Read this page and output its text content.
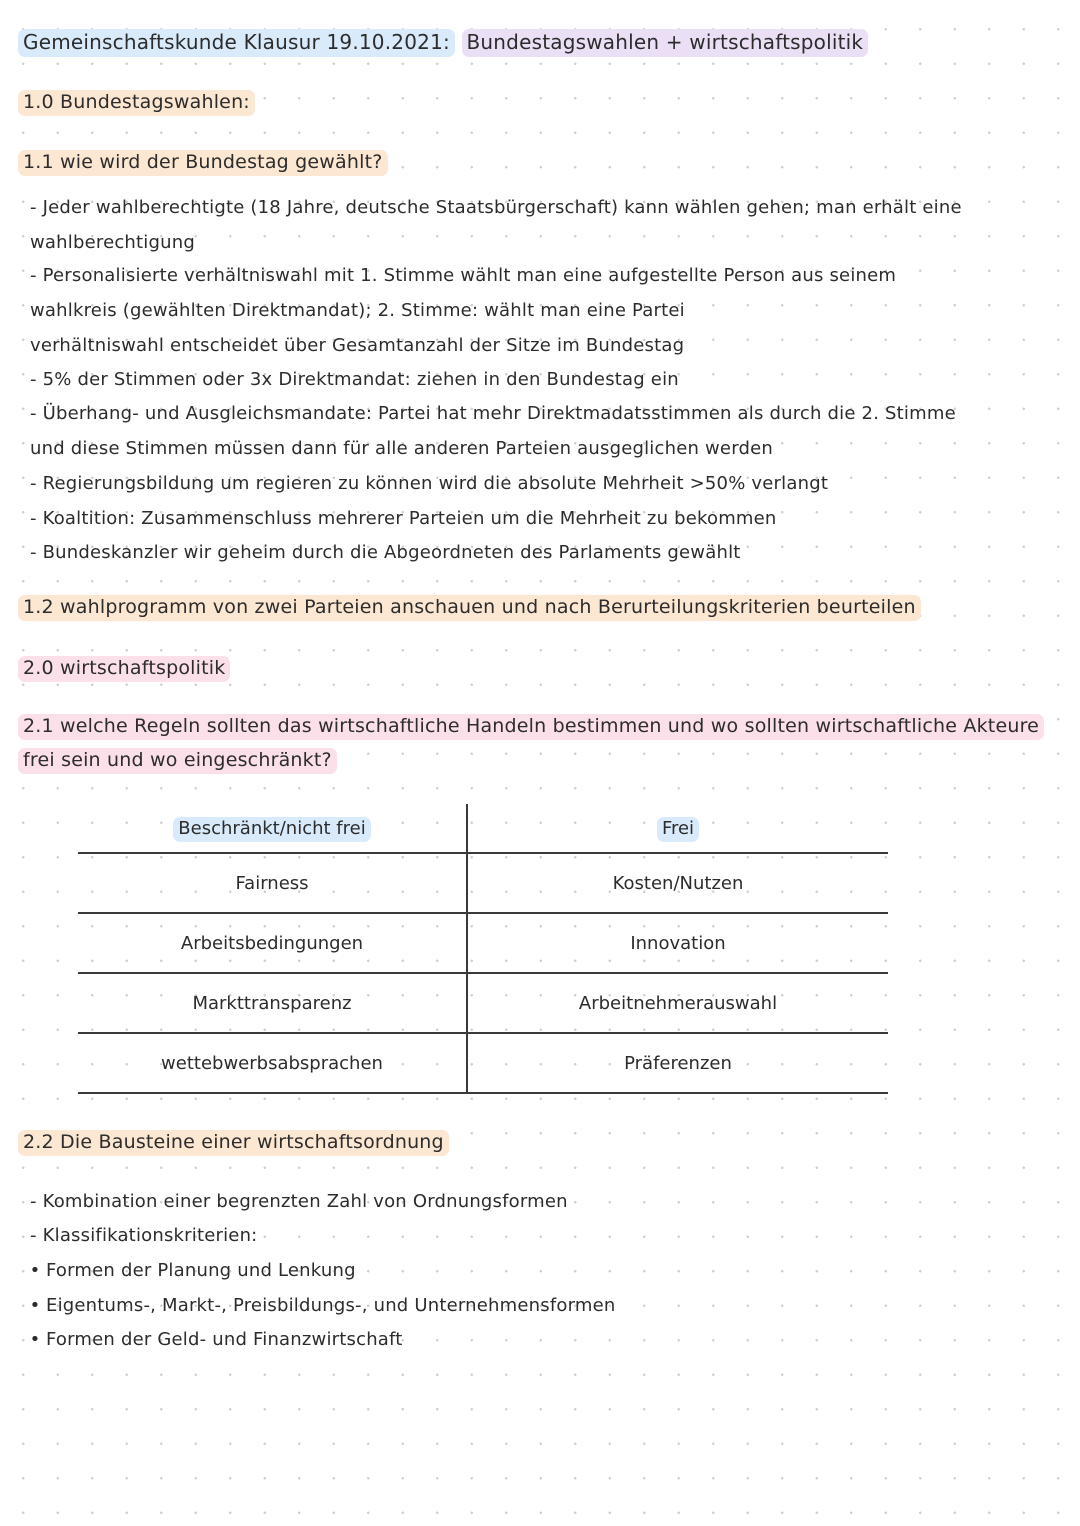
Gemeinschaftskunde Klausur 19.10.2021: Bundestagswahlen + wirtschaftspolitik
1.0 Bundestagswahlen:
1.1 wie wird der Bundestag gewählt?
- Jeder wahlberechtigte (18 Jahre, deutsche Staatsbürgerschaft) kann wählen gehen; man erhält eine
wahlberechtigung
- Personalisierte verhältniswahl mit 1. Stimme wählt man eine aufgestellte Person aus seinem
wahlkreis (gewählten Direktmandat); 2. Stimme: wählt man eine Partei
verhältniswahl entscheidet über Gesamtanzahl der Sitze im Bundestag
- 5% der Stimmen oder 3x Direktmandat: ziehen in den Bundestag ein
- Überhang- und Ausgleichsmandate: Partei hat mehr Direktmadatsstimmen als durch die 2. Stimme
und diese Stimmen müssen dann für alle anderen Parteien ausgeglichen werden
- Regierungsbildung um regieren zu können wird die absolute Mehrheit >50% verlangt
- Koaltition: Zusammenschluss mehrerer Parteien um die Mehrheit zu bekommen
- Bundeskanzler wir geheim durch die Abgeordneten des Parlaments gewählt
1.2 wahlprogramm von zwei Parteien anschauen und nach Berurteilungskriterien beurteilen
2.0 wirtschaftspolitik
2.1 welche Regeln sollten das wirtschaftliche Handeln bestimmen und wo sollten wirtschaftliche Akteure
frei sein und wo eingeschränkt?
Beschränkt/nicht frei	Frei
Fairness	Kosten/Nutzen
Arbeitsbedingungen	Innovation
Markttransparenz	Arbeitnehmerauswahl
wettebwerbsabsprachen	Präferenzen
2.2 Die Bausteine einer wirtschaftsordnung
- Kombination einer begrenzten Zahl von Ordnungsformen
- Klassifikationskriterien:
• Formen der Planung und Lenkung
• Eigentums-, Markt-, Preisbildungs-, und Unternehmensformen
• Formen der Geld- und Finanzwirtschaft
